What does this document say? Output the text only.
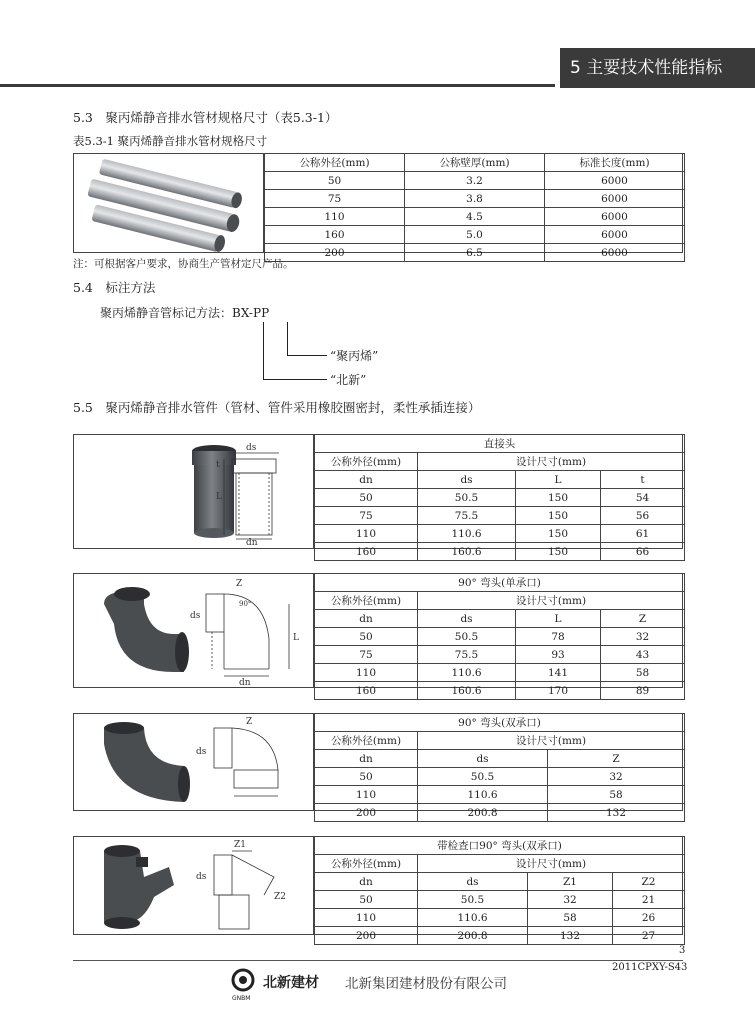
5 主要技术性能指标
5.3　聚丙烯静音排水管材规格尺寸（表5.3-1）
表5.3-1 聚丙烯静音排水管材规格尺寸
公称外径(mm)	公称壁厚(mm)	标准长度(mm)
50	3.2	6000
75	3.8	6000
110	4.5	6000
160	5.0	6000
200	6.5	6000
注：可根据客户要求，协商生产管材定尺产品。
5.4　标注方法
聚丙烯静音管标记方法：BX-PP
“聚丙烯”
“北新”
5.5　聚丙烯静音排水管件（管材、管件采用橡胶圈密封，柔性承插连接）
ds
t
L
dn
直接头			
公称外径(mm)	设计尺寸(mm)		
dn	ds	L	t
50	50.5	150	54
75	75.5	150	56
110	110.6	150	61
160	160.6	150	66
Z
90°
ds
L
dn
90° 弯头(单承口)			
公称外径(mm)	设计尺寸(mm)		
dn	ds	L	Z
50	50.5	78	32
75	75.5	93	43
110	110.6	141	58
160	160.6	170	89
Z
ds
90° 弯头(双承口)		
公称外径(mm)	设计尺寸(mm)	
dn	ds	Z
50	50.5	32
110	110.6	58
200	200.8	132
Z1
Z2
ds
带检查口90° 弯头(双承口)			
公称外径(mm)	设计尺寸(mm)		
dn	ds	Z1	Z2
50	50.5	32	21
110	110.6	58	26
200	200.8	132	27
3
2011CPXY-S43
GNBM
北新建材 北新集团建材股份有限公司
